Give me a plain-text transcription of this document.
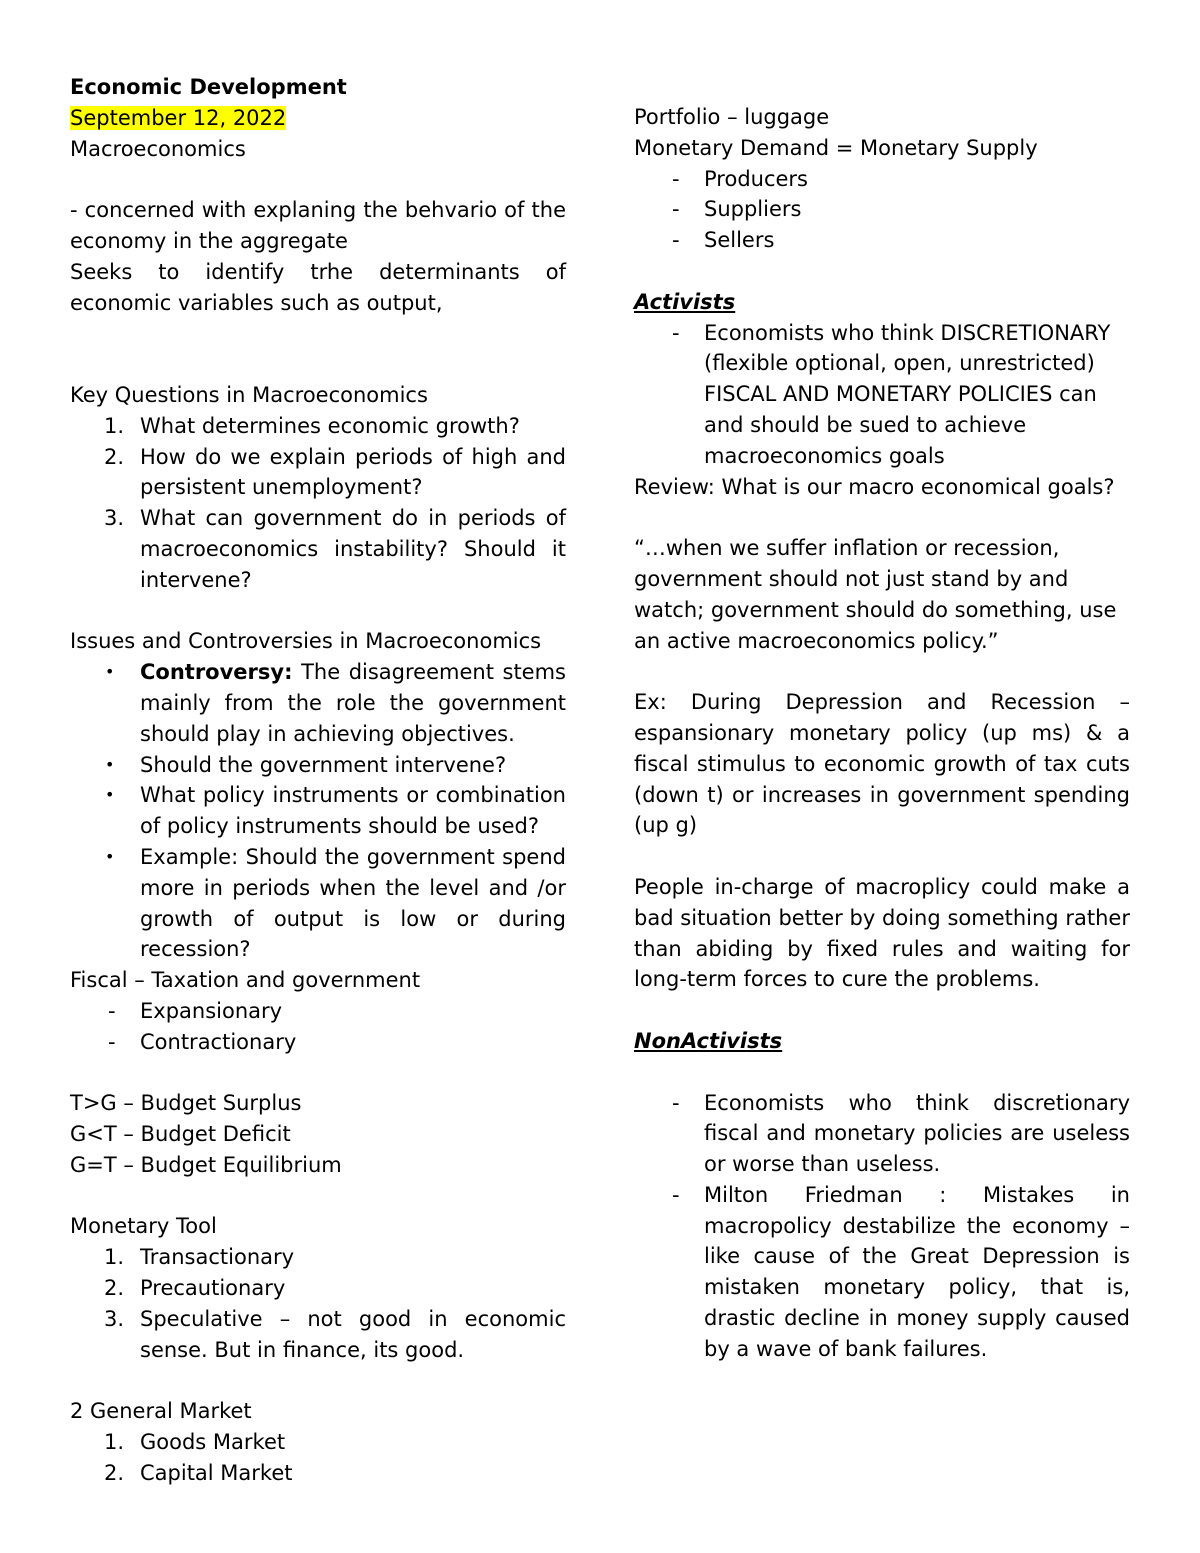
Economic Development

September 12, 2022

Macroeconomics

- concerned with explaning the behvario of the economy in the aggregate

Seeks to identify trhe determinants of economic variables such as output,

Key Questions in Macroeconomics

1. What determines economic growth?
2. How do we explain periods of high and persistent unemployment?
3. What can government do in periods of macroeconomics instability? Should it intervene?

Issues and Controversies in Macroeconomics

• Controversy: The disagreement stems mainly from the role the government should play in achieving objectives.
• Should the government intervene?
• What policy instruments or combination of policy instruments should be used?
• Example: Should the government spend more in periods when the level and /or growth of output is low or during recession?

Fiscal – Taxation and government

- Expansionary
- Contractionary

T>G – Budget Surplus

G<T – Budget Deficit

G=T – Budget Equilibrium

Monetary Tool

1. Transactionary
2. Precautionary
3. Speculative – not good in economic sense. But in finance, its good.

2 General Market

1. Goods Market
2. Capital Market

Portfolio – luggage

Monetary Demand = Monetary Supply

- Producers
- Suppliers
- Sellers

Activists

- Economists who think DISCRETIONARY (flexible optional, open, unrestricted) FISCAL AND MONETARY POLICIES can and should be sued to achieve macroeconomics goals

Review: What is our macro economical goals?

“…when we suffer inflation or recession, government should not just stand by and watch; government should do something, use an active macroeconomics policy.”

Ex: During Depression and Recession – espansionary monetary policy (up ms) & a fiscal stimulus to economic growth of tax cuts (down t) or increases in government spending (up g)

People in-charge of macroplicy could make a bad situation better by doing something rather than abiding by fixed rules and waiting for long-term forces to cure the problems.

NonActivists

- Economists who think discretionary fiscal and monetary policies are useless or worse than useless.
- Milton Friedman : Mistakes in macropolicy destabilize the economy – like cause of the Great Depression is mistaken monetary policy, that is, drastic decline in money supply caused by a wave of bank failures.
